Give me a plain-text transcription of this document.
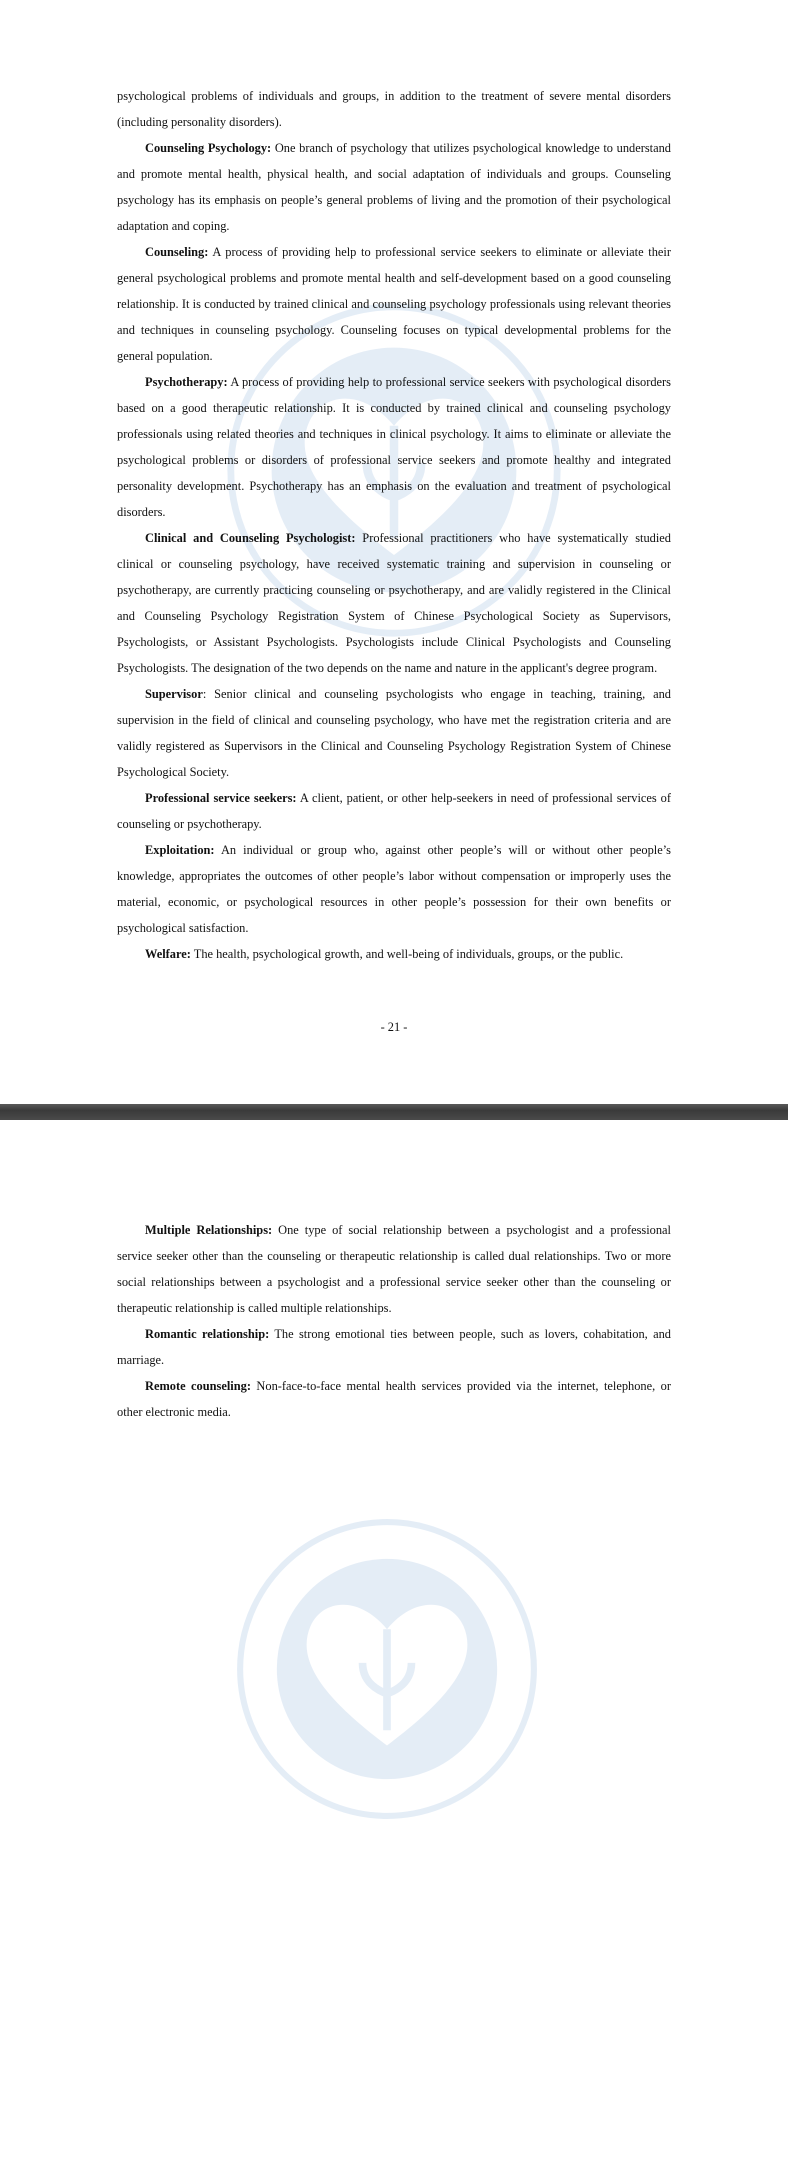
psychological problems of individuals and groups, in addition to the treatment of severe mental disorders (including personality disorders).

Counseling Psychology: One branch of psychology that utilizes psychological knowledge to understand and promote mental health, physical health, and social adaptation of individuals and groups. Counseling psychology has its emphasis on people’s general problems of living and the promotion of their psychological adaptation and coping.

Counseling: A process of providing help to professional service seekers to eliminate or alleviate their general psychological problems and promote mental health and self-development based on a good counseling relationship. It is conducted by trained clinical and counseling psychology professionals using relevant theories and techniques in counseling psychology. Counseling focuses on typical developmental problems for the general population.

Psychotherapy: A process of providing help to professional service seekers with psychological disorders based on a good therapeutic relationship. It is conducted by trained clinical and counseling psychology professionals using related theories and techniques in clinical psychology. It aims to eliminate or alleviate the psychological problems or disorders of professional service seekers and promote healthy and integrated personality development. Psychotherapy has an emphasis on the evaluation and treatment of psychological disorders.

Clinical and Counseling Psychologist: Professional practitioners who have systematically studied clinical or counseling psychology, have received systematic training and supervision in counseling or psychotherapy, are currently practicing counseling or psychotherapy, and are validly registered in the Clinical and Counseling Psychology Registration System of Chinese Psychological Society as Supervisors, Psychologists, or Assistant Psychologists. Psychologists include Clinical Psychologists and Counseling Psychologists. The designation of the two depends on the name and nature in the applicant's degree program.

Supervisor: Senior clinical and counseling psychologists who engage in teaching, training, and supervision in the field of clinical and counseling psychology, who have met the registration criteria and are validly registered as Supervisors in the Clinical and Counseling Psychology Registration System of Chinese Psychological Society.

Professional service seekers: A client, patient, or other help-seekers in need of professional services of counseling or psychotherapy.

Exploitation: An individual or group who, against other people’s will or without other people’s knowledge, appropriates the outcomes of other people’s labor without compensation or improperly uses the material, economic, or psychological resources in other people’s possession for their own benefits or psychological satisfaction.

Welfare: The health, psychological growth, and well-being of individuals, groups, or the public.

- 21 -

Multiple Relationships: One type of social relationship between a psychologist and a professional service seeker other than the counseling or therapeutic relationship is called dual relationships. Two or more social relationships between a psychologist and a professional service seeker other than the counseling or therapeutic relationship is called multiple relationships.

Romantic relationship: The strong emotional ties between people, such as lovers, cohabitation, and marriage.

Remote counseling: Non-face-to-face mental health services provided via the internet, telephone, or other electronic media.
